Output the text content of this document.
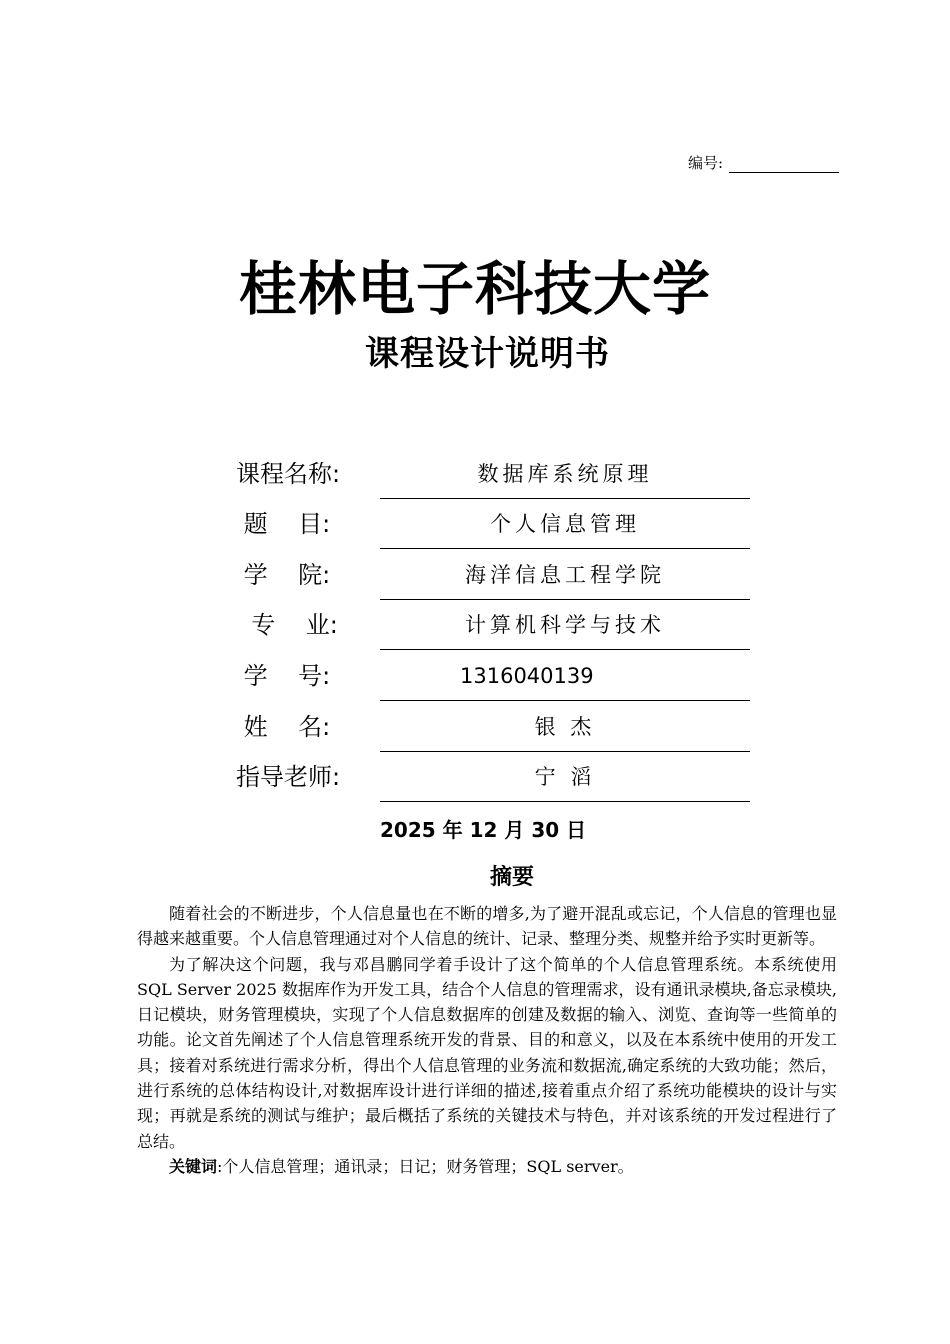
编号:
桂林电子科技大学
课程设计说明书
课程名称:	数据库系统原理
题    目:	个人信息管理
学    院:	海洋信息工程学院
专    业:	计算机科学与技术
学    号:	1316040139
姓    名:	银 杰
指导老师:	宁 滔
2025 年 12 月 30 日
摘要

随着社会的不断进步，个人信息量也在不断的增多,为了避开混乱或忘记，个人信息的管理也显得越来越重要。个人信息管理通过对个人信息的统计、记录、整理分类、规整并给予实时更新等。

为了解决这个问题，我与邓昌鹏同学着手设计了这个简单的个人信息管理系统。本系统使用SQL Server 2025 数据库作为开发工具，结合个人信息的管理需求，设有通讯录模块,备忘录模块,日记模块，财务管理模块，实现了个人信息数据库的创建及数据的输入、浏览、查询等一些简单的功能。论文首先阐述了个人信息管理系统开发的背景、目的和意义，以及在本系统中使用的开发工具；接着对系统进行需求分析，得出个人信息管理的业务流和数据流,确定系统的大致功能；然后，进行系统的总体结构设计,对数据库设计进行详细的描述,接着重点介绍了系统功能模块的设计与实现；再就是系统的测试与维护；最后概括了系统的关键技术与特色，并对该系统的开发过程进行了总结。

关键词:个人信息管理；通讯录；日记；财务管理；SQL server。
